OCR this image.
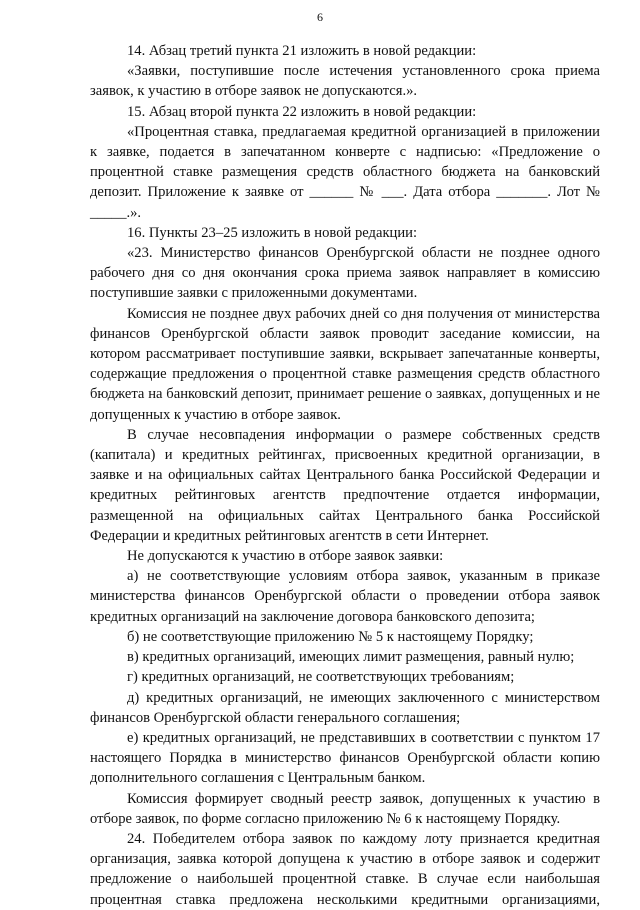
6

14. Абзац третий пункта 21 изложить в новой редакции:

«Заявки, поступившие после истечения установленного срока приема заявок, к участию в отборе заявок не допускаются.».

15. Абзац второй пункта 22 изложить в новой редакции:

«Процентная ставка, предлагаемая кредитной организацией в приложении к заявке, подается в запечатанном конверте с надписью: «Предложение о процентной ставке размещения средств областного бюджета на банковский депозит. Приложение к заявке от ______ № ___. Дата отбора _______. Лот № _____.».

16. Пункты 23–25 изложить в новой редакции:

«23. Министерство финансов Оренбургской области не позднее одного рабочего дня со дня окончания срока приема заявок направляет в комиссию поступившие заявки с приложенными документами.

Комиссия не позднее двух рабочих дней со дня получения от министерства финансов Оренбургской области заявок проводит заседание комиссии, на котором рассматривает поступившие заявки, вскрывает запечатанные конверты, содержащие предложения о процентной ставке размещения средств областного бюджета на банковский депозит, принимает решение о заявках, допущенных и не допущенных к участию в отборе заявок.

В случае несовпадения информации о размере собственных средств (капитала) и кредитных рейтингах, присвоенных кредитной организации, в заявке и на официальных сайтах Центрального банка Российской Федерации и кредитных рейтинговых агентств предпочтение отдается информации, размещенной на официальных сайтах Центрального банка Российской Федерации и кредитных рейтинговых агентств в сети Интернет.

Не допускаются к участию в отборе заявок заявки:

а) не соответствующие условиям отбора заявок, указанным в приказе министерства финансов Оренбургской области о проведении отбора заявок кредитных организаций на заключение договора банковского депозита;

б) не соответствующие приложению № 5 к настоящему Порядку;

в) кредитных организаций, имеющих лимит размещения, равный нулю;

г) кредитных организаций, не соответствующих требованиям;

д) кредитных организаций, не имеющих заключенного с министерством финансов Оренбургской области генерального соглашения;

е) кредитных организаций, не представивших в соответствии с пунктом 17 настоящего Порядка в министерство финансов Оренбургской области копию дополнительного соглашения с Центральным банком.

Комиссия формирует сводный реестр заявок, допущенных к участию в отборе заявок, по форме согласно приложению № 6 к настоящему Порядку.

24. Победителем отбора заявок по каждому лоту признается кредитная организация, заявка которой допущена к участию в отборе заявок и содержит предложение о наибольшей процентной ставке. В случае если наибольшая процентная ставка предложена несколькими кредитными организациями,
